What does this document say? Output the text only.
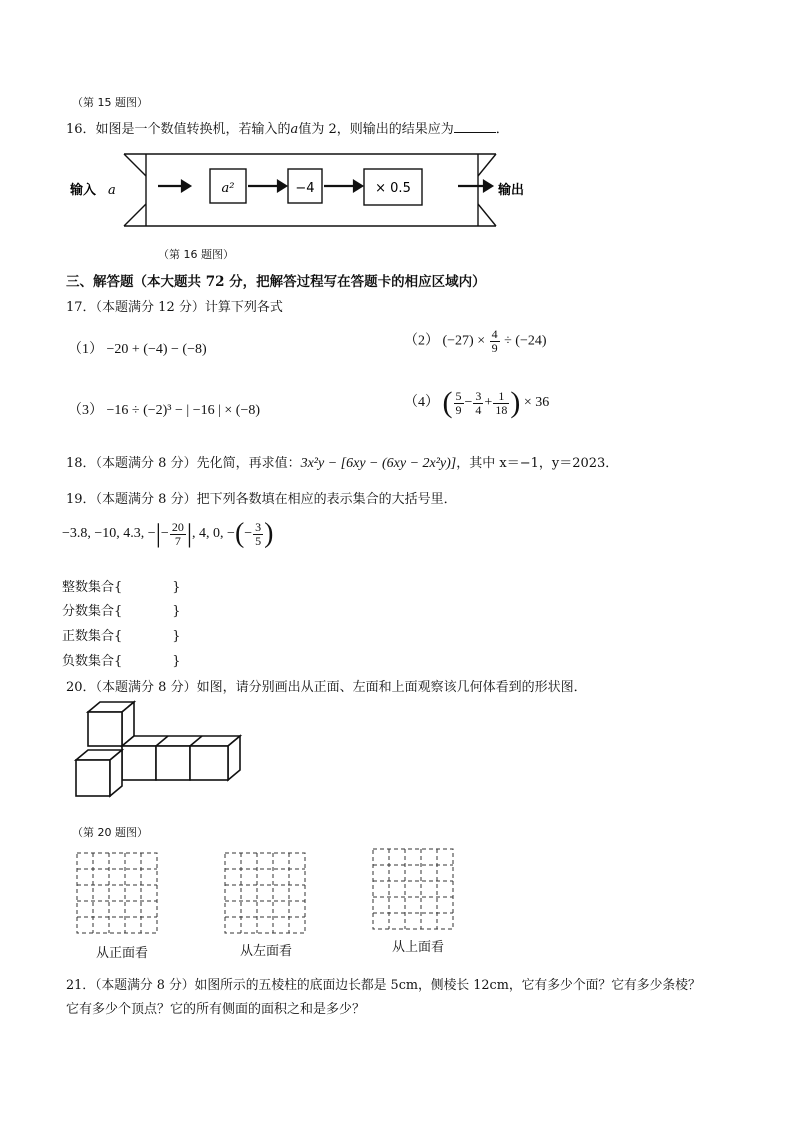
（第 15 题图）
16．如图是一个数值转换机，若输入的a值为 2，则输出的结果应为	．
输入 a	a²	−4	× 0.5	输出
（第 16 题图）
三、解答题（本大题共 72 分，把解答过程写在答题卡的相应区域内）
17．（本题满分 12 分）计算下列各式
（1） −20 + (−4) − (−8)
（2） $(-27) \times \frac{4}{9} \div (-24)$
（3） −16 ÷ (−2)³ − | −16 | × (−8)
（4） ( $\frac{5}{9} - \frac{3}{4} + \frac{1}{18}$ ) × 36
18．（本题满分 8 分）先化简，再求值：3x²y − [6xy − (6xy − 2x²y)]，其中 x＝−1，y＝2023．
19．（本题满分 8 分）把下列各数填在相应的表示集合的大括号里．
−3.8, −10, 4.3, −|− $\frac{20}{7}$ |, 4, 0, −(− $\frac{3}{5}$ )
整数集合{	}
分数集合{	}
正数集合{	}
负数集合{	}
20．（本题满分 8 分）如图，请分别画出从正面、左面和上面观察该几何体看到的形状图．
（第 20 题图）
从正面看	从左面看	从上面看
21．（本题满分 8 分）如图所示的五棱柱的底面边长都是 5cm，侧棱长 12cm，它有多少个面？它有多少条棱？
它有多少个顶点？它的所有侧面的面积之和是多少？
